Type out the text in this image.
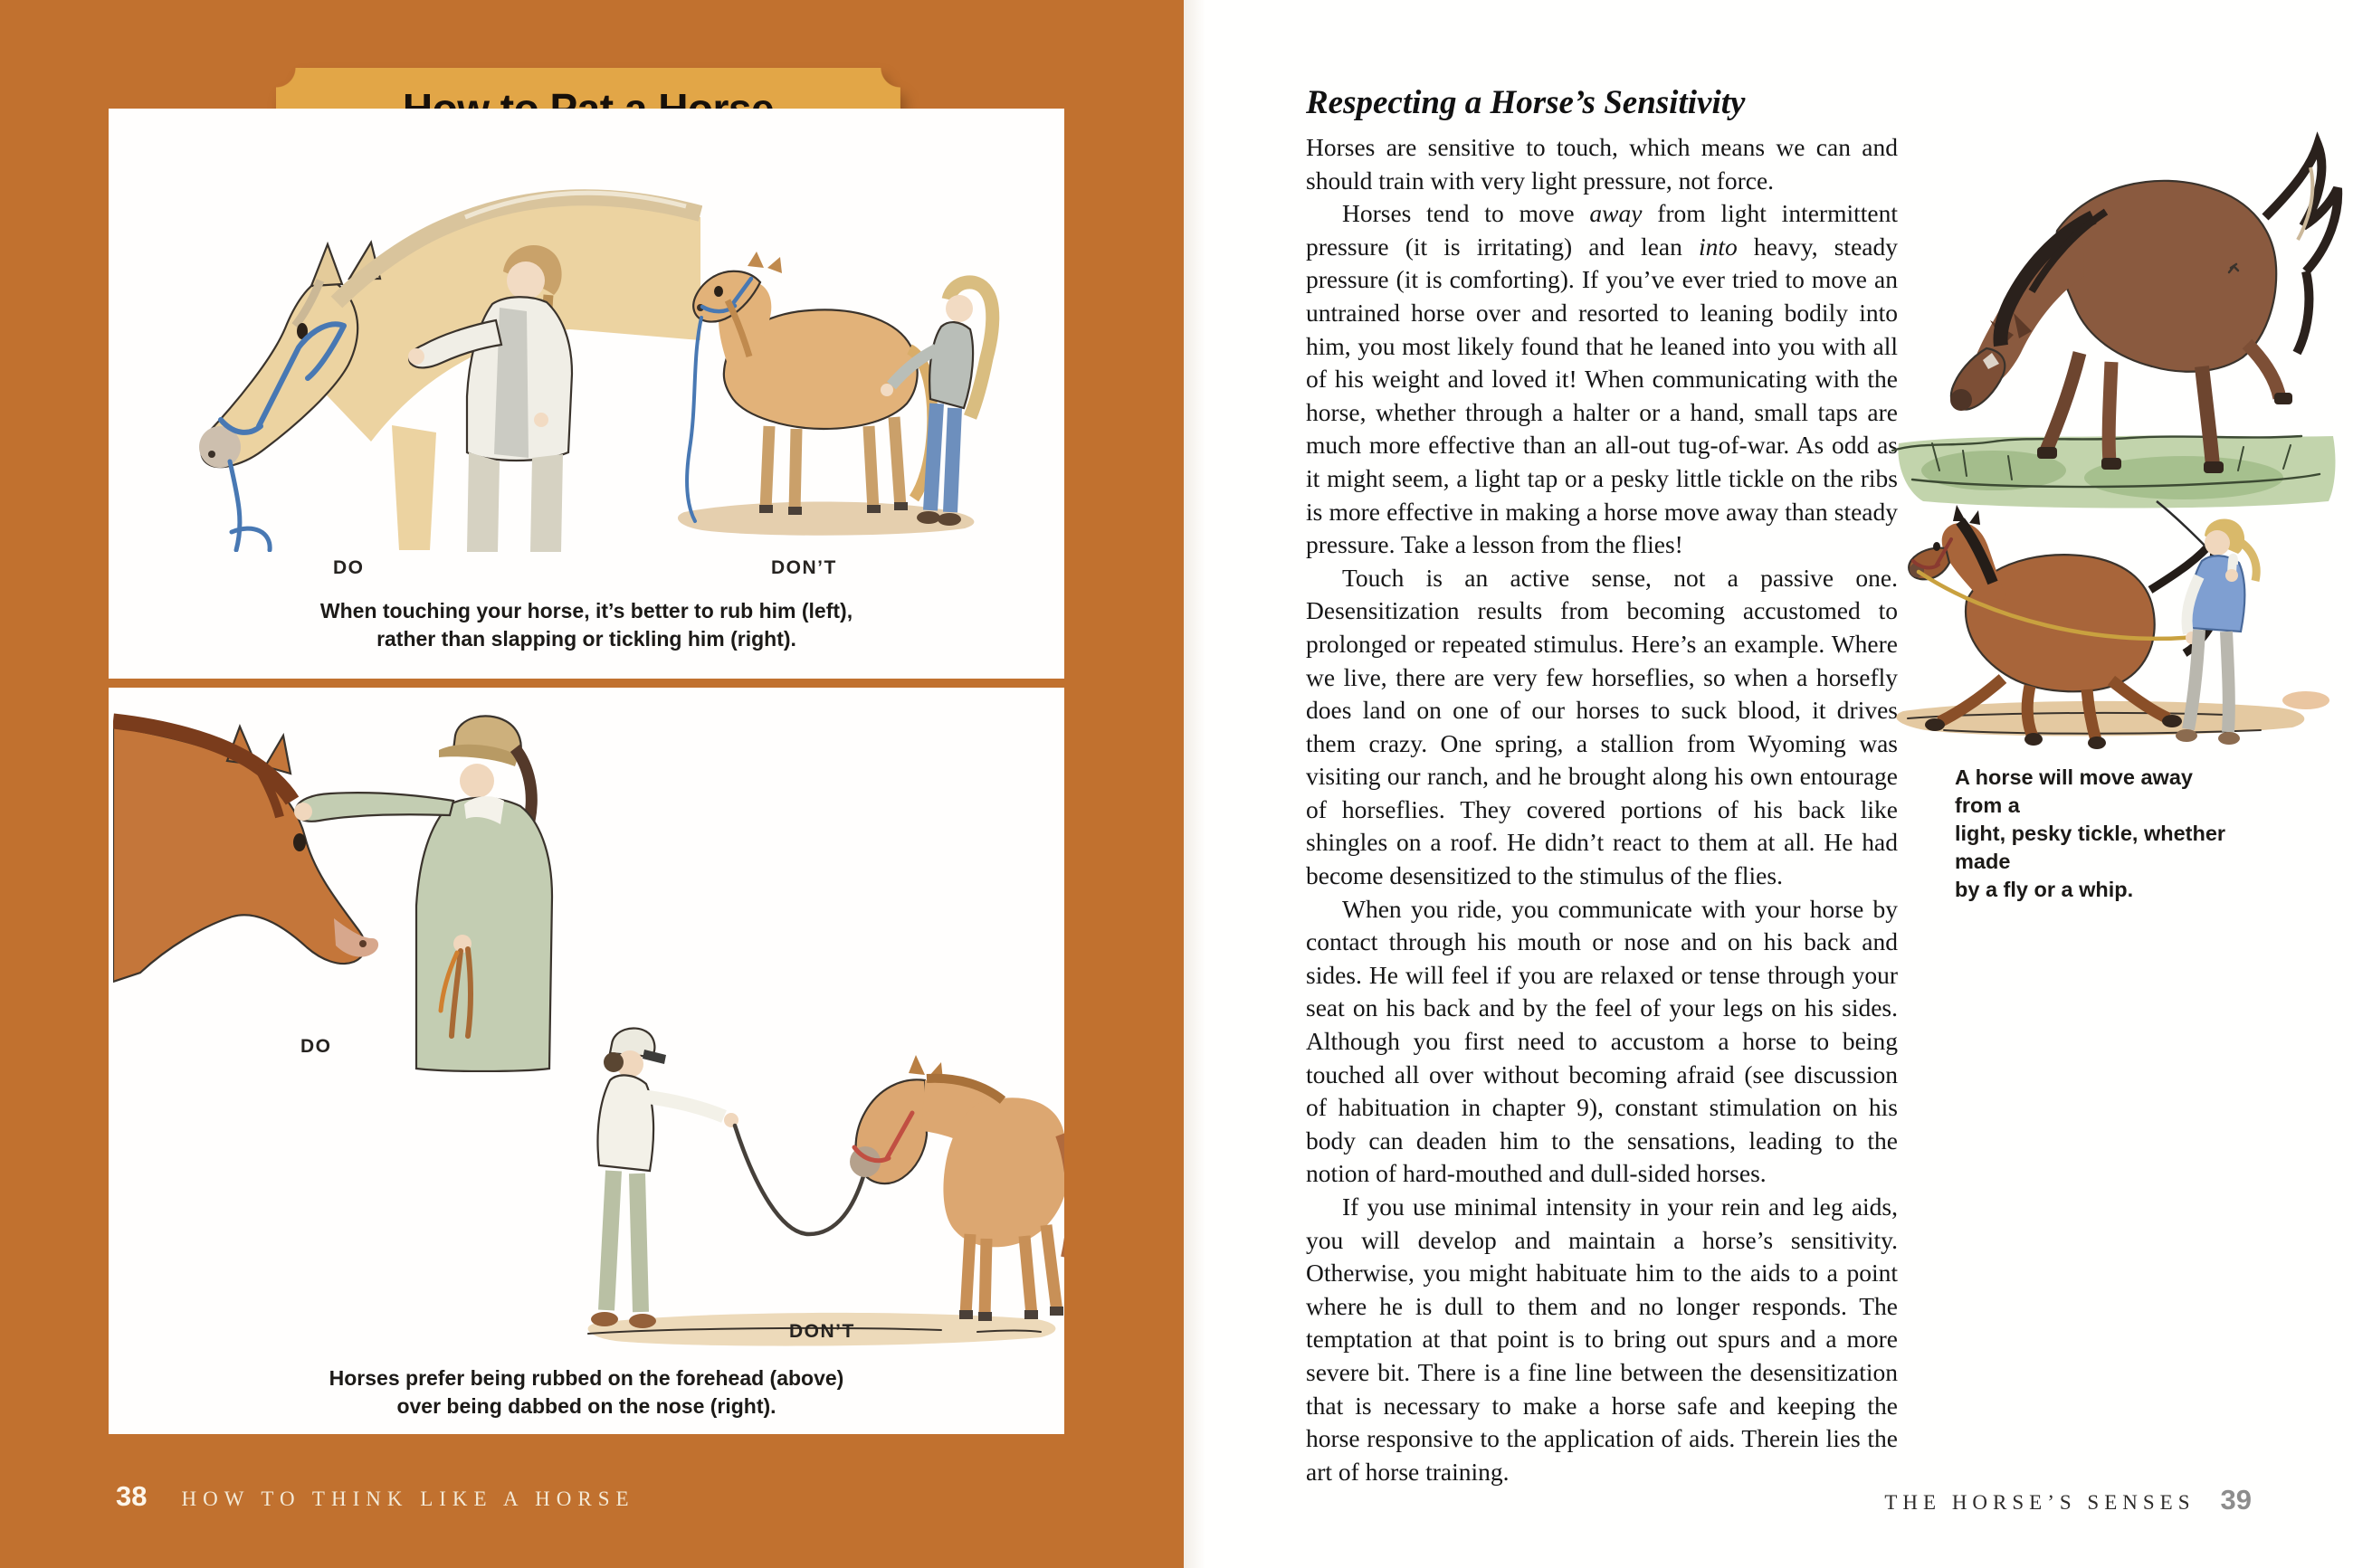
DO	DON’T
When touching your horse, it’s better to rub him (left),
rather than slapping or tickling him (right).
DO
DON’T
Horses prefer being rubbed on the forehead (above)
over being dabbed on the nose (right).
38 HOW TO THINK LIKE A HORSE
Respecting a Horse’s Sensitivity

Horses are sensitive to touch, which means we can and should train with very light pressure, not force.

Horses tend to move away from light intermittent pressure (it is irritating) and lean into heavy, steady pressure (it is comforting). If you’ve ever tried to move an untrained horse over and resorted to leaning bodily into him, you most likely found that he leaned into you with all of his weight and loved it! When communicating with the horse, whether through a halter or a hand, small taps are much more effective than an all-out tug-of-war. As odd as it might seem, a light tap or a pesky little tickle on the ribs is more effective in making a horse move away than steady pressure. Take a lesson from the flies!

Touch is an active sense, not a passive one. Desensitization results from becoming accustomed to prolonged or repeated stimulus. Here’s an example. Where we live, there are very few horseflies, so when a horsefly does land on one of our horses to suck blood, it drives them crazy. One spring, a stallion from Wyoming was visiting our ranch, and he brought along his own entourage of horseflies. They covered portions of his back like shingles on a roof. He didn’t react to them at all. He had become desensitized to the stimulus of the flies.

When you ride, you communicate with your horse by contact through his mouth or nose and on his back and sides. He will feel if you are relaxed or tense through your seat on his back and by the feel of your legs on his sides. Although you first need to accustom a horse to being touched all over without becoming afraid (see discussion of habituation in chapter 9), constant stimulation on his body can deaden him to the sensations, leading to the notion of hard-mouthed and dull-sided horses.

If you use minimal intensity in your rein and leg aids, you will develop and maintain a horse’s sensitivity. Otherwise, you might habituate him to the aids to a point where he is dull to them and no longer responds. The temptation at that point is to bring out spurs and a more severe bit. There is a fine line between the desensitization that is necessary to make a horse safe and keeping the horse responsive to the application of aids. Therein lies the art of horse training.

A horse will move away from a
light, pesky tickle, whether made
by a fly or a whip.
THE HORSE’S SENSES 39
